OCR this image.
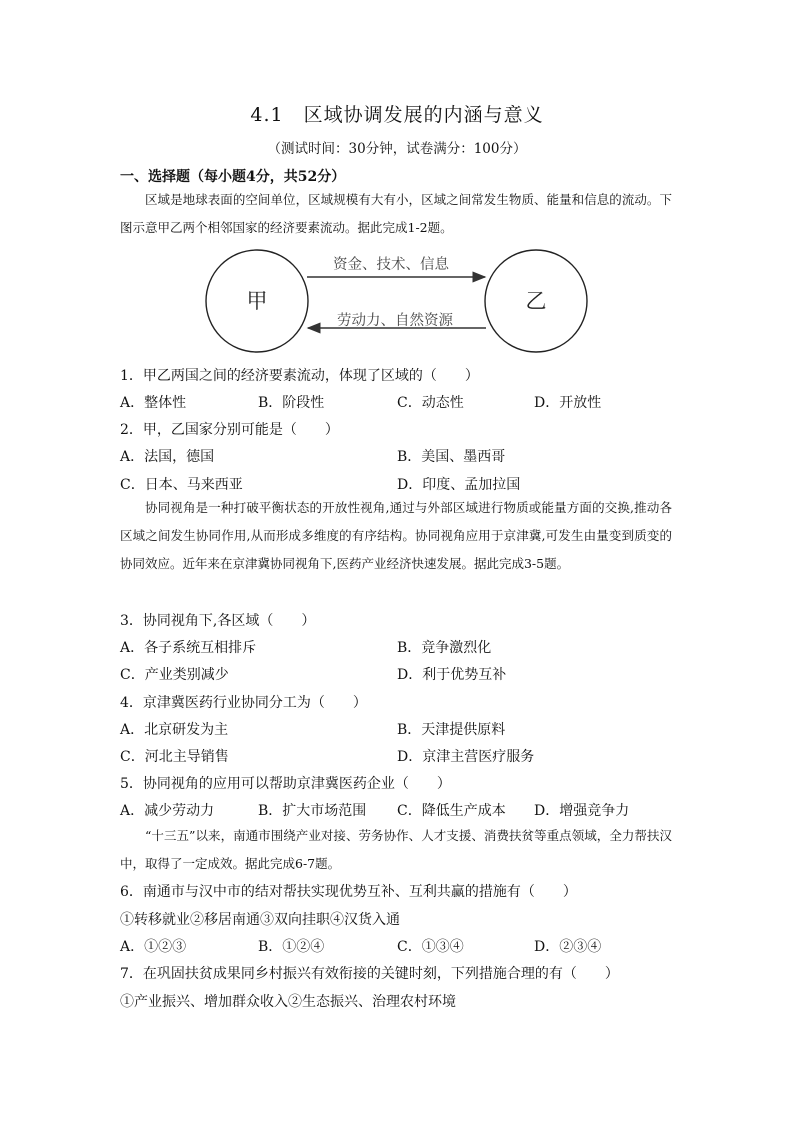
4.1　区域协调发展的内涵与意义
（测试时间：30分钟，试卷满分：100分）
一、选择题（每小题4分，共52分）
区域是地球表面的空间单位，区域规模有大有小，区域之间常发生物质、能量和信息的流动。下图示意甲乙两个相邻国家的经济要素流动。据此完成1-2题。
甲	乙
资金、技术、信息
劳动力、自然资源
1．甲乙两国之间的经济要素流动，体现了区域的（　　）
A．整体性	B．阶段性	C．动态性	D．开放性
2．甲，乙国家分别可能是（　　）
A．法国，德国	B．美国、墨西哥
C．日本、马来西亚	D．印度、孟加拉国
协同视角是一种打破平衡状态的开放性视角,通过与外部区域进行物质或能量方面的交换,推动各区域之间发生协同作用,从而形成多维度的有序结构。协同视角应用于京津冀,可发生由量变到质变的协同效应。近年来在京津冀协同视角下,医药产业经济快速发展。据此完成3-5题。
3．协同视角下,各区域（　　）
A．各子系统互相排斥	B．竞争激烈化
C．产业类别减少	D．利于优势互补
4．京津冀医药行业协同分工为（　　）
A．北京研发为主	B．天津提供原料
C．河北主导销售	D．京津主营医疗服务
5．协同视角的应用可以帮助京津冀医药企业（　　）
A．减少劳动力	B．扩大市场范围 C．降低生产成本 D．增强竞争力
“十三五”以来，南通市围绕产业对接、劳务协作、人才支援、消费扶贫等重点领域，全力帮扶汉中，取得了一定成效。据此完成6-7题。
6．南通市与汉中市的结对帮扶实现优势互补、互利共赢的措施有（　　）
①转移就业②移居南通③双向挂职④汉货入通
A．①②③	B．①②④	C．①③④	D．②③④
7．在巩固扶贫成果同乡村振兴有效衔接的关键时刻，下列措施合理的有（　　）
①产业振兴、增加群众收入②生态振兴、治理农村环境
